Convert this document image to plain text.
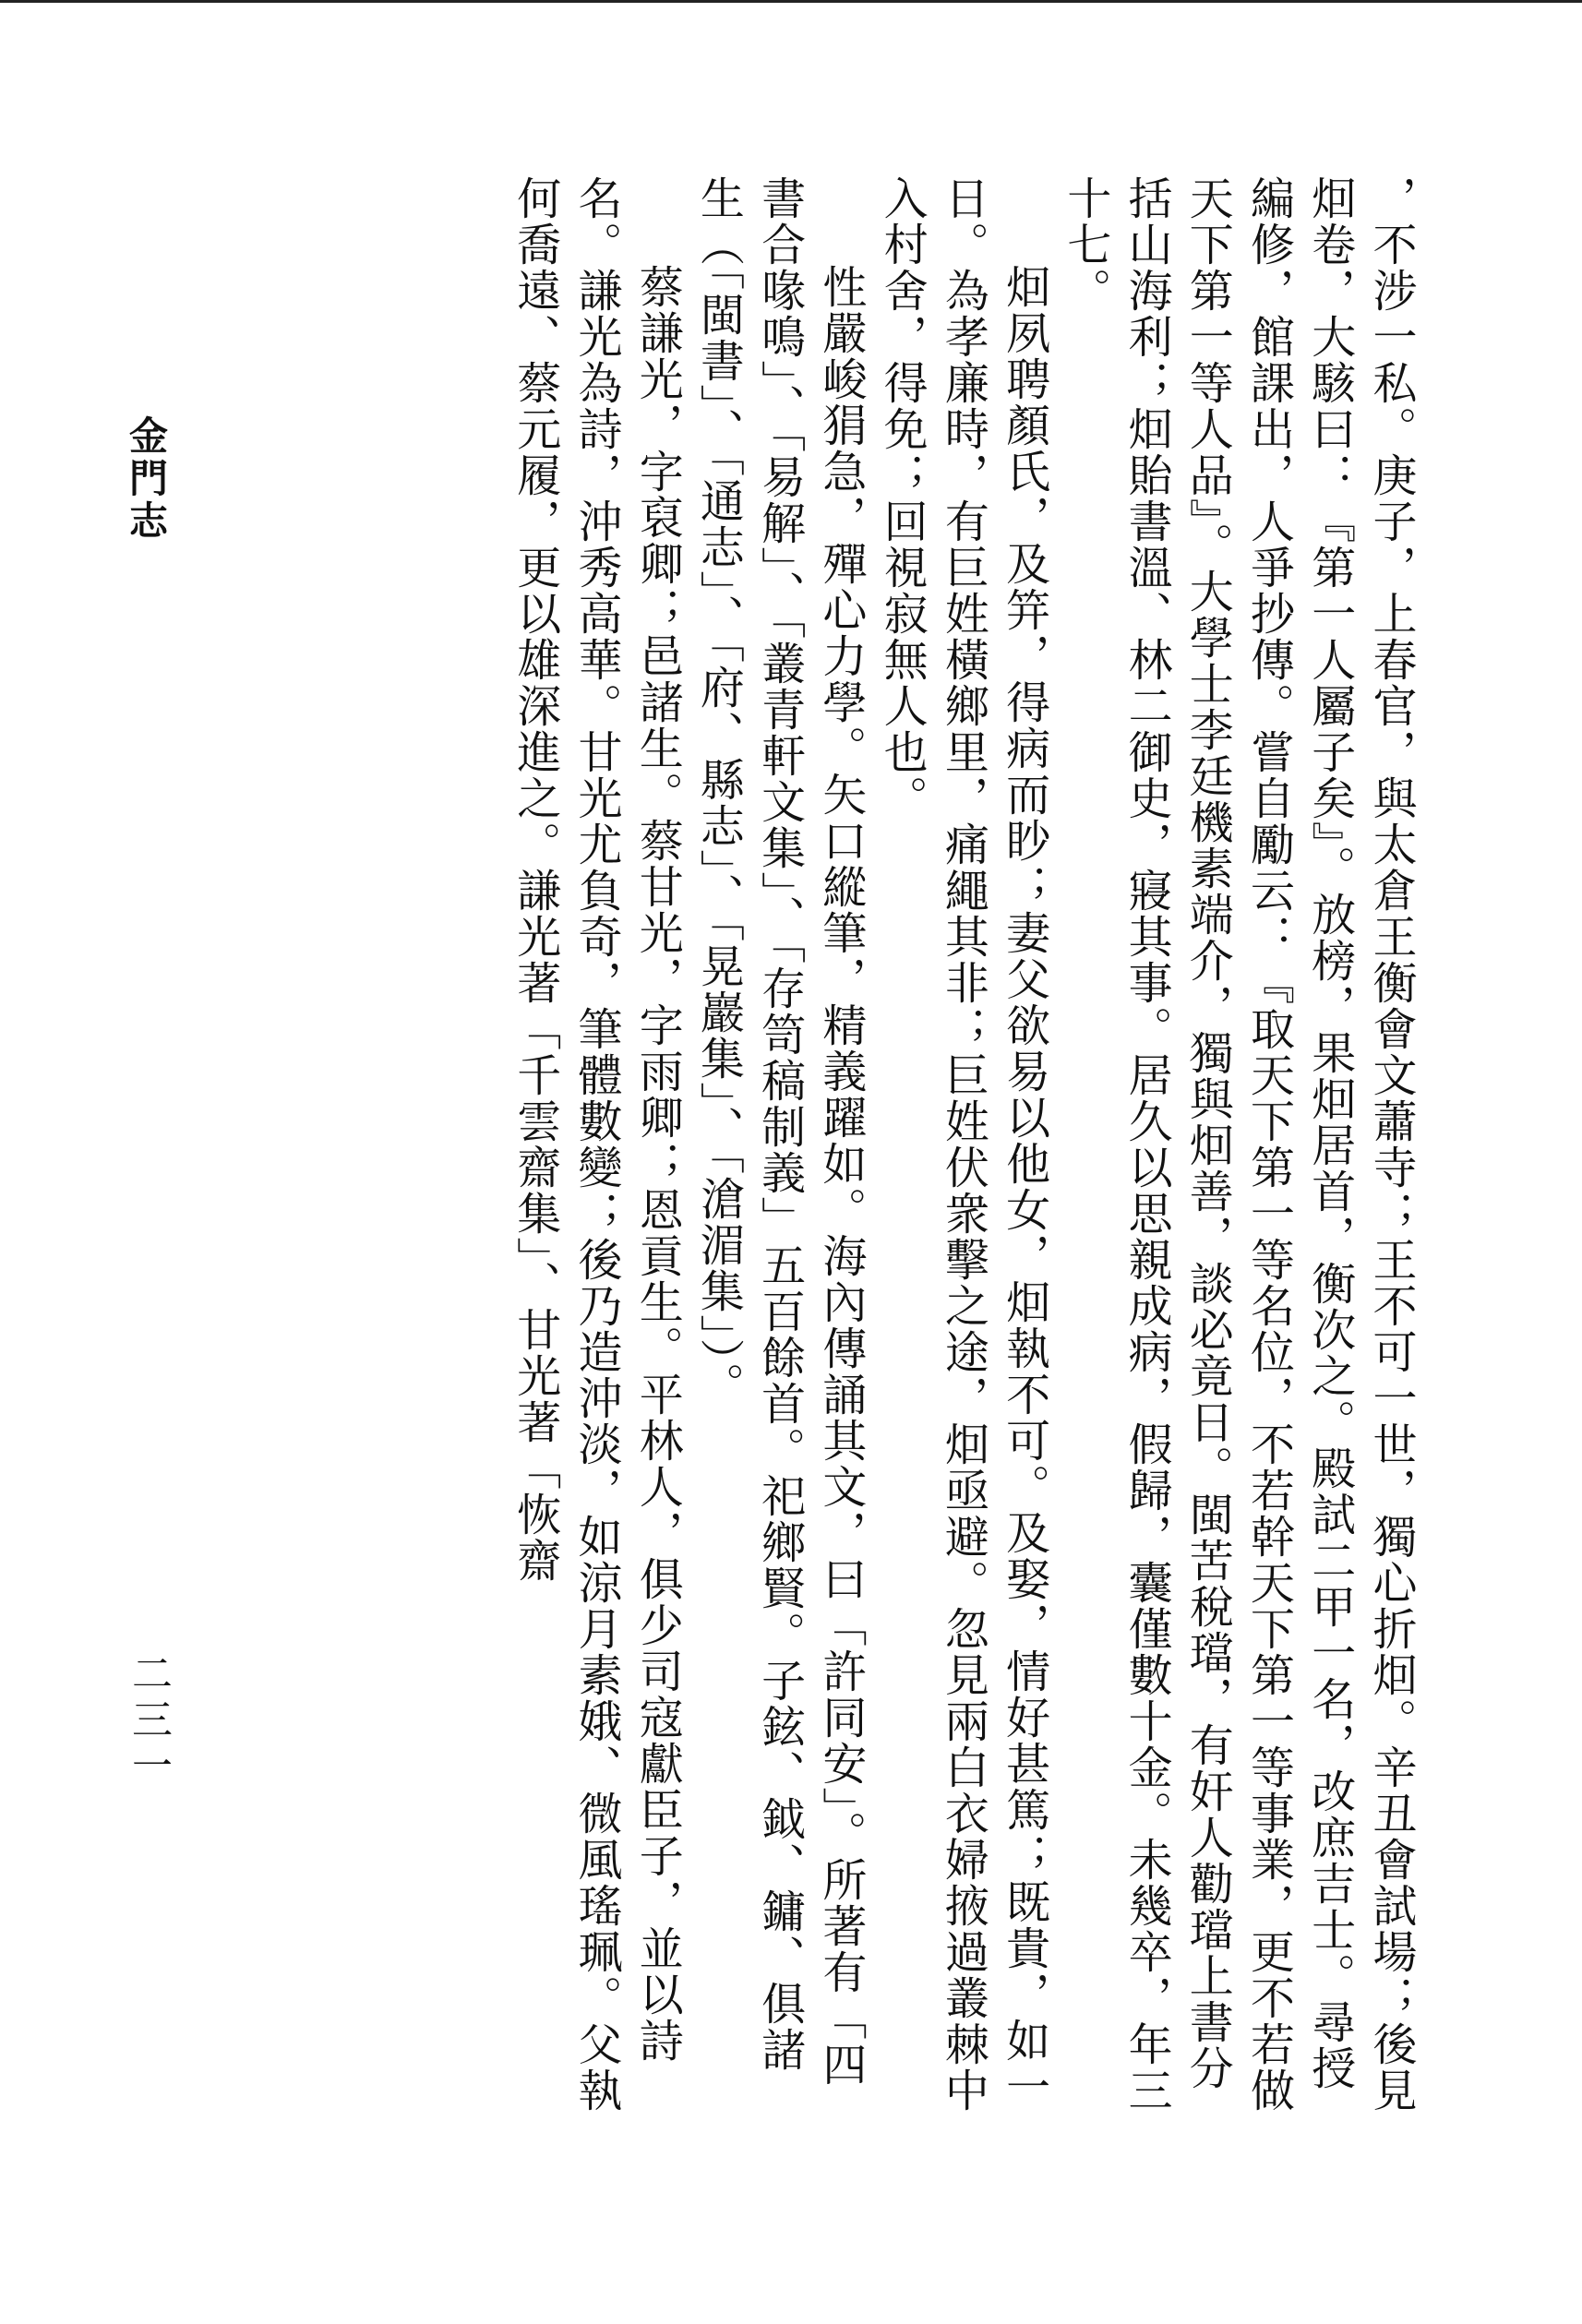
，不涉一私。庚子，上春官，與太倉王衡會文蕭寺；王不可一世，獨心折𤇆。辛丑會試場；後見𤇆卷，大駭曰：『第一人屬子矣』。放榜，果𤇆居首，衡次之。殿試二甲一名，改庶吉士。尋授編修，館課出，人爭抄傳。嘗自勵云：『取天下第一等名位，不若幹天下第一等事業，更不若做天下第一等人品』。大學士李廷機素端介，獨與𤇆善，談必竟日。閩苦稅璫，有奸人勸璫上書分括山海利；𤇆貽書溫、林二御史，寢其事。居久以思親成病，假歸，囊僅數十金。未幾卒，年三十七。

𤇆夙聘顏氏，及笄，得病而眇；妻父欲易以他女，𤇆執不可。及娶，情好甚篤；既貴，如一日。為孝廉時，有巨姓橫鄉里，痛繩其非；巨姓伏衆擊之途，𤇆亟避。忽見兩白衣婦掖過叢棘中入村舍，得免；回視寂無人也。

性嚴峻狷急，殫心力學。矢口縱筆，精義躍如。海內傳誦其文，曰「許同安」。所著有「四書合喙鳴」、「易解」、「叢青軒文集」、「存笥稿制義」五百餘首。祀鄉賢。子鉉、鉞、鏞、俱諸生（「閩書」、「通志」、「府、縣志」、「晃巖集」、「滄湄集」）。

蔡謙光，字裒卿；邑諸生。蔡甘光，字雨卿；恩貢生。平林人，俱少司寇獻臣子，並以詩名。謙光為詩，沖秀高華。甘光尤負奇，筆體數變；後乃造沖淡，如涼月素娥、微風瑤珮。父執何喬遠、蔡元履，更以雄深進之。謙光著「千雲齋集」、甘光著「恢齋

金門志
二三一
